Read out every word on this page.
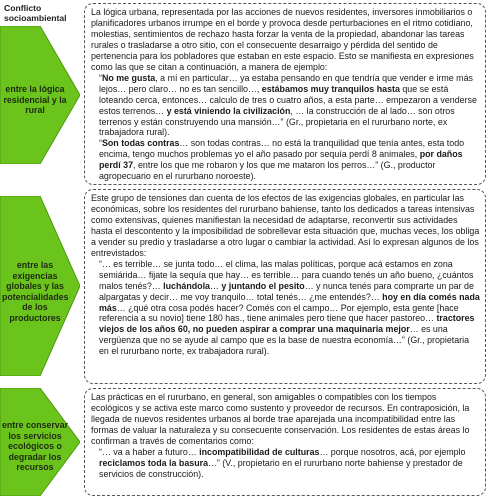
Conflicto socioambiental
entre la lógica residencial y la rural

La lógica urbana, representada por las acciones de nuevos residentes, inversores inmobiliarios o planificadores urbanos irrumpe en el borde y provoca desde perturbaciones en el ritmo cotidiano, molestias, sentimientos de rechazo hasta forzar la venta de la propiedad, abandonar las tareas rurales o trasladarse a otro sitio, con el consecuente desarraigo y pérdida del sentido de pertenencia para los pobladores que estaban en este espacio. Esto se manifiesta en expresiones como las que se citan a continuación, a manera de ejemplo:

“No me gusta, a mí en particular… ya estaba pensando en que tendría que vender e irme más lejos… pero claro… no es tan sencillo…, estábamos muy tranquilos hasta que se está loteando cerca, entonces… calculo de tres o cuatro años, a esta parte… empezaron a venderse estos terrenos… y está viniendo la civilización, … la construcción de al lado… son otros terrenos y están construyendo una mansión…” (Gr., propietaria en el rururbano norte, ex trabajadora rural).

“Son todas contras… son todas contras… no está la tranquilidad que tenía antes, esta todo encima, tengo muchos problemas yo el año pasado por sequía perdí 8 animales, por daños perdí 37, entre los que me robaron y los que me mataron los perros…” (G., productor agropecuario en el rururbano noroeste).

entre las exigencias globales y las potencialidades de los productores

Este grupo de tensiones dan cuenta de los efectos de las exigencias globales, en particular las económicas, sobre los residentes del rururbano bahiense, tanto los dedicados a tareas intensivas como extensivas, quienes manifiestan la necesidad de adaptarse, reconvertir sus actividades hasta el descontento y la imposibilidad de sobrellevar esta situación que, muchas veces, los obliga a vender su predio y trasladarse a otro lugar o cambiar la actividad. Así lo expresan algunos de los entrevistados:

“… es terrible… se junta todo… el clima, las malas políticas, porque acá estamos en zona semiárida… fijate la sequía que hay… es terrible… para cuando tenés un año bueno, ¿cuántos malos tenés?… luchándola… y juntando el pesito… y nunca tenés para comprarte un par de alpargatas y decir… me voy tranquilo… total tenés… ¿me entendés?… hoy en día comés nada más… ¿qué otra cosa podés hacer? Comés con el campo… Por ejemplo, esta gente [hace referencia a su novio] tiene 180 has., tiene animales pero tiene que hacer pastoreo… tractores viejos de los años 60, no pueden aspirar a comprar una maquinaria mejor… es una vergüenza que no se ayude al campo que es la base de nuestra economía…” (Gr., propietaria en el rururbano norte, ex trabajadora rural).

entre conservar los servicios ecológicos o degradar los recursos

Las prácticas en el rururbano, en general, son amigables o compatibles con los tiempos ecológicos y se activa este marco como sustento y proveedor de recursos. En contraposición, la llegada de nuevos residentes urbanos al borde trae aparejada una incompatibilidad entre las formas de valuar la naturaleza y su consecuente conservación. Los residentes de estas áreas lo confirman a través de comentarios como:

“… va a haber a futuro… incompatibilidad de culturas… porque nosotros, acá, por ejemplo reciclamos toda la basura…” (V., propietario en el rururbano norte bahiense y prestador de servicios de construcción).
